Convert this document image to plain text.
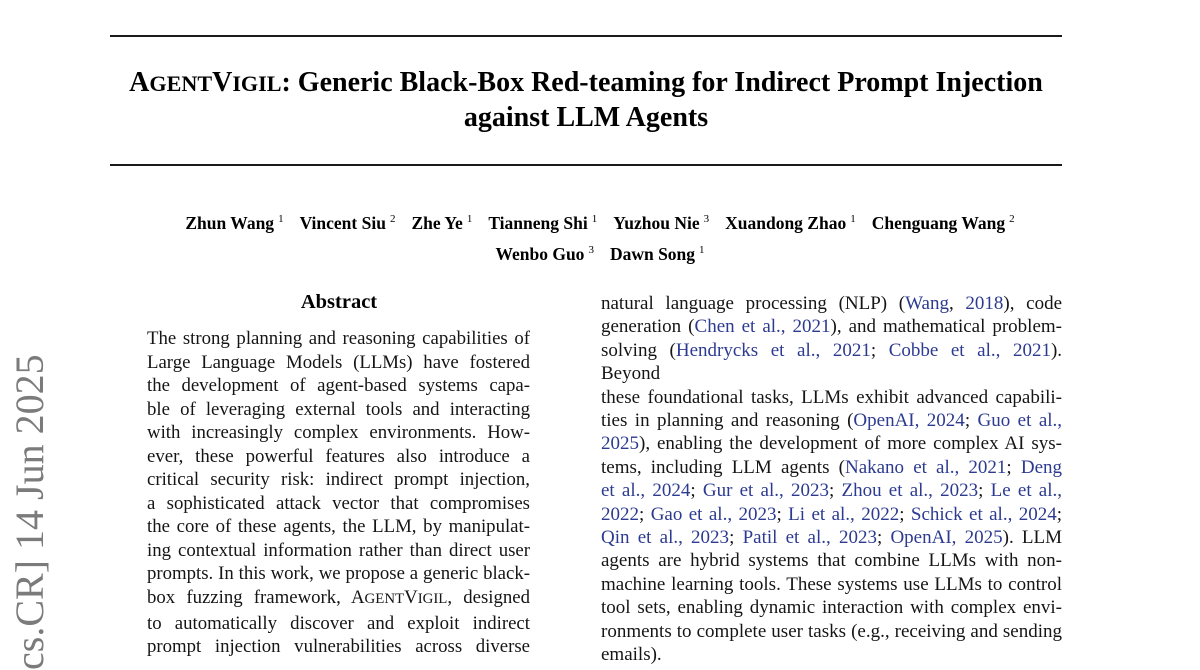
cs.CR] 14 Jun 2025
AGENTVIGIL: Generic Black-Box Red-teaming for Indirect Prompt Injection
against LLM Agents
Zhun Wang $^1$ Vincent Siu $^2$ Zhe Ye $^1$ Tianneng Shi $^1$ Yuzhou Nie $^3$ Xuandong Zhao $^1$ Chenguang Wang $^2$
Wenbo Guo $^3$ Dawn Song $^1$
Abstract
The strong planning and reasoning capabilities of
Large Language Models (LLMs) have fostered
the development of agent-based systems capa-
ble of leveraging external tools and interacting
with increasingly complex environments. How-
ever, these powerful features also introduce a
critical security risk: indirect prompt injection,
a sophisticated attack vector that compromises
the core of these agents, the LLM, by manipulat-
ing contextual information rather than direct user
prompts. In this work, we propose a generic black-
box fuzzing framework, AGENTVIGIL, designed
to automatically discover and exploit indirect
prompt injection vulnerabilities across diverse
natural language processing (NLP) (Wang, 2018), code
generation (Chen et al., 2021), and mathematical problem-
solving (Hendrycks et al., 2021; Cobbe et al., 2021). Beyond
these foundational tasks, LLMs exhibit advanced capabili-
ties in planning and reasoning (OpenAI, 2024; Guo et al.,
2025), enabling the development of more complex AI sys-
tems, including LLM agents (Nakano et al., 2021; Deng
et al., 2024; Gur et al., 2023; Zhou et al., 2023; Le et al.,
2022; Gao et al., 2023; Li et al., 2022; Schick et al., 2024;
Qin et al., 2023; Patil et al., 2023; OpenAI, 2025). LLM
agents are hybrid systems that combine LLMs with non-
machine learning tools. These systems use LLMs to control
tool sets, enabling dynamic interaction with complex envi-
ronments to complete user tasks (e.g., receiving and sending
emails).
